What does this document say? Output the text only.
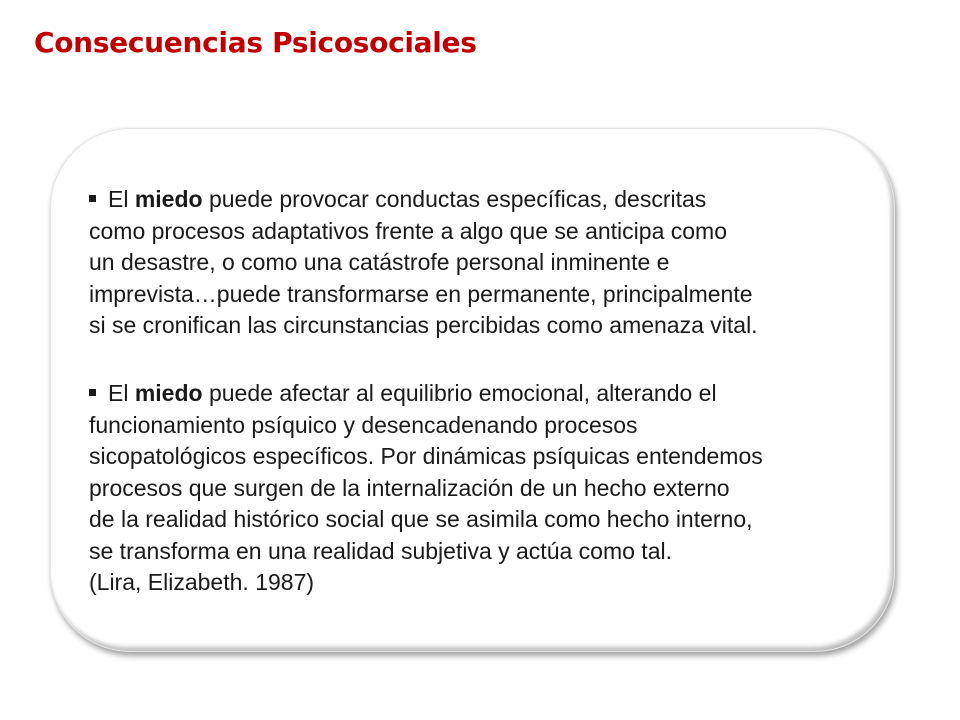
Consecuencias Psicosociales
El miedo puede provocar conductas específicas, descritas
como procesos adaptativos frente a algo que se anticipa como
un desastre, o como una catástrofe personal inminente e
imprevista…puede transformarse en permanente, principalmente
si se cronifican las circunstancias percibidas como amenaza vital.
El miedo puede afectar al equilibrio emocional, alterando el
funcionamiento psíquico y desencadenando procesos
sicopatológicos específicos. Por dinámicas psíquicas entendemos
procesos que surgen de la internalización de un hecho externo
de la realidad histórico social que se asimila como hecho interno,
se transforma en una realidad subjetiva y actúa como tal.
(Lira, Elizabeth. 1987)
